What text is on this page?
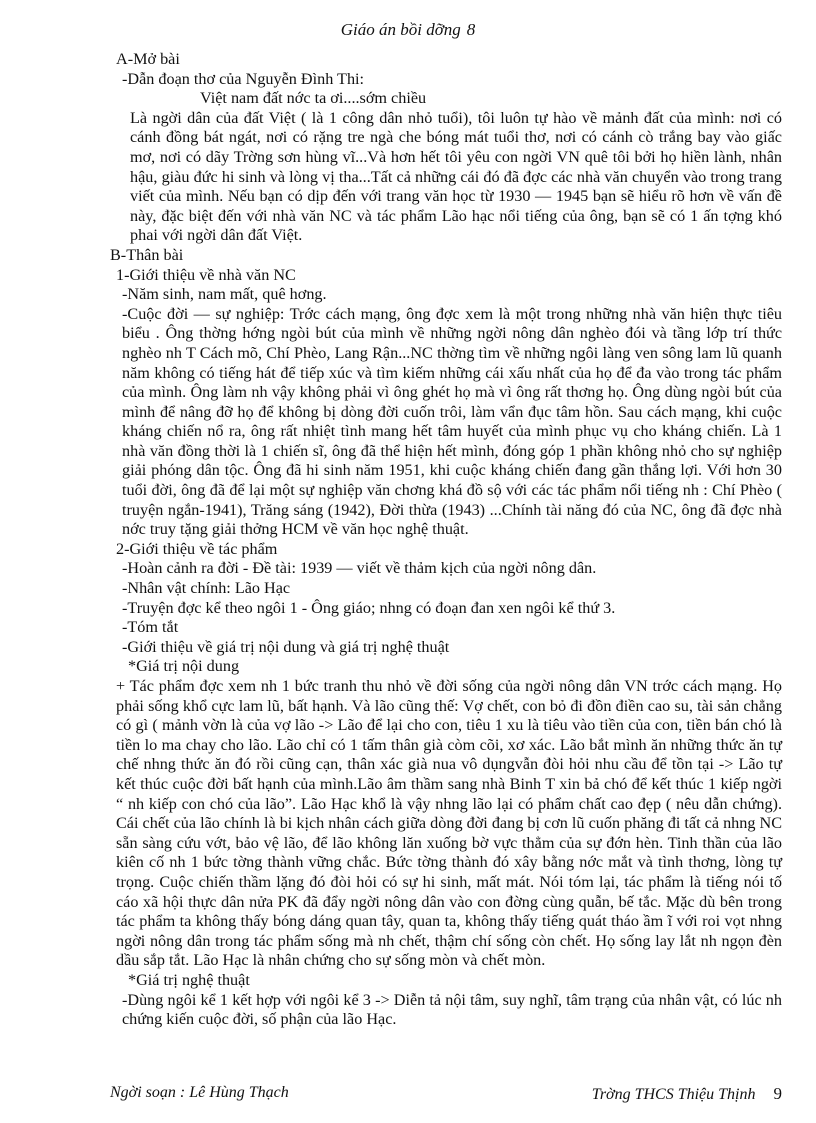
Giáo án bồi dỡng 8

A-Mở bài

-Dẫn đoạn thơ của Nguyễn Đình Thi:

Việt nam đất nớc ta ơi....sớm chiều

Là ngời dân của đất Việt ( là 1 công dân nhỏ tuổi), tôi luôn tự hào về mảnh đất của mình: nơi có cánh đồng bát ngát, nơi có rặng tre ngà che bóng mát tuổi thơ, nơi có cánh cò trắng bay vào giấc mơ, nơi có dãy Trờng sơn hùng vĩ...Và hơn hết tôi yêu con ngời VN quê tôi bởi họ hiền lành, nhân hậu, giàu đức hi sinh và lòng vị tha...Tất cả những cái đó đã đợc các nhà văn chuyển vào trong trang viết của mình. Nếu bạn có dịp đến với trang văn học từ 1930 — 1945 bạn sẽ hiểu rõ hơn về vấn đề này, đặc biệt đến với nhà văn NC và tác phẩm Lão hạc nổi tiếng của ông, bạn sẽ có 1 ấn tợng khó phai với ngời dân đất Việt.

B-Thân bài

1-Giới thiệu về nhà văn NC

-Năm sinh, nam mất, quê hơng.

-Cuộc đời — sự nghiệp: Trớc cách mạng, ông đợc xem là một trong những nhà văn hiện thực tiêu biểu . Ông thờng hớng ngòi bút của mình về những ngời nông dân nghèo đói và tầng lớp trí thức nghèo nh T Cách mõ, Chí Phèo, Lang Rận...NC thờng tìm về những ngôi làng ven sông lam lũ quanh năm không có tiếng hát để tiếp xúc và tìm kiếm những cái xấu nhất của họ để đa vào trong tác phẩm của mình. Ông làm nh vậy không phải vì ông ghét họ mà vì ông rất thơng họ. Ông dùng ngòi bút của mình để nâng đỡ họ để không bị dòng đời cuốn trôi, làm vẩn đục tâm hồn. Sau cách mạng, khi cuộc kháng chiến nổ ra, ông rất nhiệt tình mang hết tâm huyết của mình phục vụ cho kháng chiến. Là 1 nhà văn đồng thời là 1 chiến sĩ, ông đã thể hiện hết mình, đóng góp 1 phần không nhỏ cho sự nghiệp giải phóng dân tộc. Ông đã hi sinh năm 1951, khi cuộc kháng chiến đang gần thắng lợi. Với hơn 30 tuổi đời, ông đã để lại một sự nghiệp văn chơng khá đồ sộ với các tác phẩm nổi tiếng nh : Chí Phèo ( truyện ngắn-1941), Trăng sáng (1942), Đời thừa (1943) ...Chính tài năng đó của NC, ông đã đợc nhà nớc truy tặng giải thởng HCM về văn học nghệ thuật.

2-Giới thiệu về tác phẩm

-Hoàn cảnh ra đời - Đề tài: 1939 — viết về thảm kịch của ngời nông dân.

-Nhân vật chính: Lão Hạc

-Truyện đợc kể theo ngôi 1 - Ông giáo; nhng có đoạn đan xen ngôi kể thứ 3.

-Tóm tắt

-Giới thiệu về giá trị nội dung và giá trị nghệ thuật

*Giá trị nội dung

+ Tác phẩm đợc xem nh 1 bức tranh thu nhỏ về đời sống của ngời nông dân VN trớc cách mạng. Họ phải sống khổ cực lam lũ, bất hạnh. Và lão cũng thế: Vợ chết, con bỏ đi đồn điền cao su, tài sản chẳng có gì ( mảnh vờn là của vợ lão -> Lão để lại cho con, tiêu 1 xu là tiêu vào tiền của con, tiền bán chó là tiền lo ma chay cho lão. Lão chỉ có 1 tấm thân già còm cõi, xơ xác. Lão bắt mình ăn những thức ăn tự chế nhng thức ăn đó rồi cũng cạn, thân xác già nua vô dụngvẫn đòi hỏi nhu cầu để tồn tại -> Lão tự kết thúc cuộc đời bất hạnh của mình.Lão âm thầm sang nhà Binh T xin bả chó để kết thúc 1 kiếp ngời “ nh kiếp con chó của lão”. Lão Hạc khổ là vậy nhng lão lại có phẩm chất cao đẹp ( nêu dẫn chứng). Cái chết của lão chính là bi kịch nhân cách giữa dòng đời đang bị cơn lũ cuốn phăng đi tất cả nhng NC sẵn sàng cứu vớt, bảo vệ lão, để lão không lăn xuống bờ vực thẳm của sự đớn hèn. Tinh thần của lão kiên cố nh 1 bức tờng thành vững chắc. Bức tờng thành đó xây bằng nớc mắt và tình thơng, lòng tự trọng. Cuộc chiến thầm lặng đó đòi hỏi có sự hi sinh, mất mát. Nói tóm lại, tác phẩm là tiếng nói tố cáo xã hội thực dân nửa PK đã đẩy ngời nông dân vào con đờng cùng quẫn, bế tắc. Mặc dù bên trong tác phẩm ta không thấy bóng dáng quan tây, quan ta, không thấy tiếng quát tháo ầm ĩ với roi vọt nhng ngời nông dân trong tác phẩm sống mà nh chết, thậm chí sống còn chết. Họ sống lay lắt nh ngọn đèn dầu sắp tắt. Lão Hạc là nhân chứng cho sự sống mòn và chết mòn.

*Giá trị nghệ thuật

-Dùng ngôi kể 1 kết hợp với ngôi kể 3 -> Diễn tả nội tâm, suy nghĩ, tâm trạng của nhân vật, có lúc nh chứng kiến cuộc đời, số phận của lão Hạc.

Ngời soạn : Lê Hùng Thạch	Trờng THCS Thiệu Thịnh 9
